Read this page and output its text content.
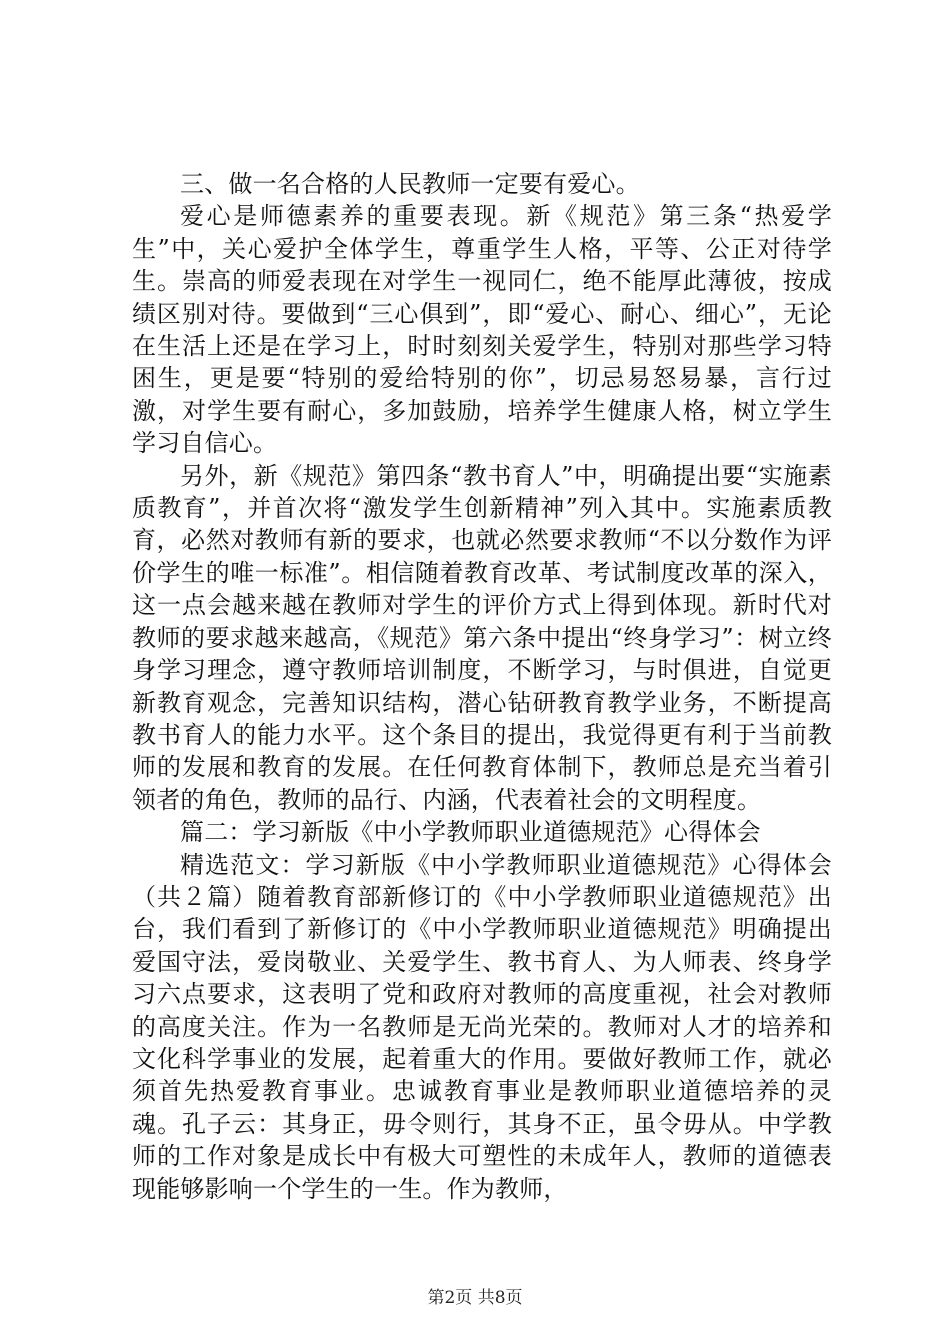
三、做一名合格的人民教师一定要有爱心。

爱心是师德素养的重要表现。新《规范》第三条“热爱学生”中，关心爱护全体学生，尊重学生人格，平等、公正对待学生。崇高的师爱表现在对学生一视同仁，绝不能厚此薄彼，按成绩区别对待。要做到“三心俱到”，即“爱心、耐心、细心”，无论在生活上还是在学习上，时时刻刻关爱学生，特别对那些学习特困生，更是要“特别的爱给特别的你”，切忌易怒易暴，言行过激，对学生要有耐心，多加鼓励，培养学生健康人格，树立学生学习自信心。

另外，新《规范》第四条“教书育人”中，明确提出要“实施素质教育”，并首次将“激发学生创新精神”列入其中。实施素质教育，必然对教师有新的要求，也就必然要求教师“不以分数作为评价学生的唯一标准”。相信随着教育改革、考试制度改革的深入，这一点会越来越在教师对学生的评价方式上得到体现。新时代对教师的要求越来越高，《规范》第六条中提出“终身学习”：树立终身学习理念，遵守教师培训制度，不断学习，与时俱进，自觉更新教育观念，完善知识结构，潜心钻研教育教学业务，不断提高教书育人的能力水平。这个条目的提出，我觉得更有利于当前教师的发展和教育的发展。在任何教育体制下，教师总是充当着引领者的角色，教师的品行、内涵，代表着社会的文明程度。

篇二：学习新版《中小学教师职业道德规范》心得体会

精选范文：学习新版《中小学教师职业道德规范》心得体会（共２篇）随着教育部新修订的《中小学教师职业道德规范》出台，我们看到了新修订的《中小学教师职业道德规范》明确提出爱国守法，爱岗敬业、关爱学生、教书育人、为人师表、终身学习六点要求，这表明了党和政府对教师的高度重视，社会对教师的高度关注。作为一名教师是无尚光荣的。教师对人才的培养和文化科学事业的发展，起着重大的作用。要做好教师工作，就必须首先热爱教育事业。忠诚教育事业是教师职业道德培养的灵魂。孔子云：其身正，毋令则行，其身不正，虽令毋从。中学教师的工作对象是成长中有极大可塑性的未成年人，教师的道德表现能够影响一个学生的一生。作为教师，

第2页 共8页
